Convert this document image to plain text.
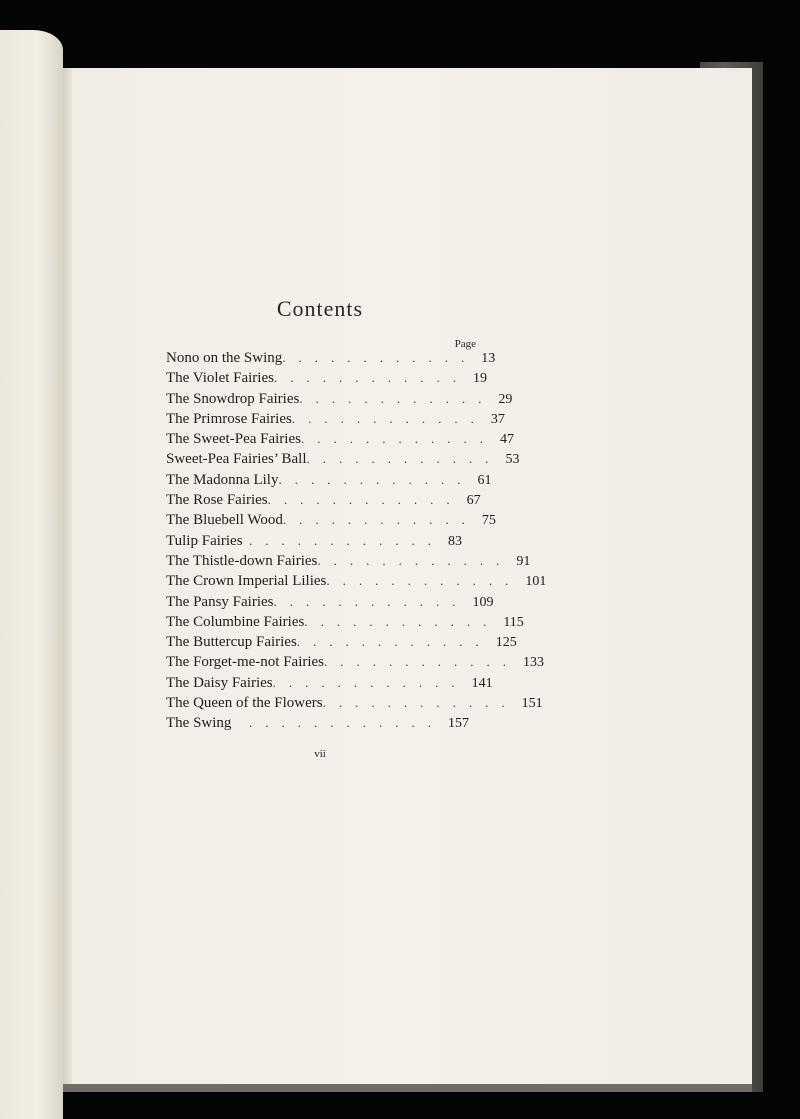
Contents
Page
Nono on the Swing ............ 13
The Violet Fairies ............ 19
The Snowdrop Fairies ............ 29
The Primrose Fairies ............ 37
The Sweet-Pea Fairies ............ 47
Sweet-Pea Fairies’ Ball ............ 53
The Madonna Lily ............ 61
The Rose Fairies ............ 67
The Bluebell Wood ............ 75
Tulip Fairies ............ 83
The Thistle-down Fairies ............ 91
The Crown Imperial Lilies ............ 101
The Pansy Fairies ............ 109
The Columbine Fairies ............ 115
The Buttercup Fairies ............ 125
The Forget-me-not Fairies ............ 133
The Daisy Fairies ............ 141
The Queen of the Flowers ............ 151
The Swing	............ 157
vii
